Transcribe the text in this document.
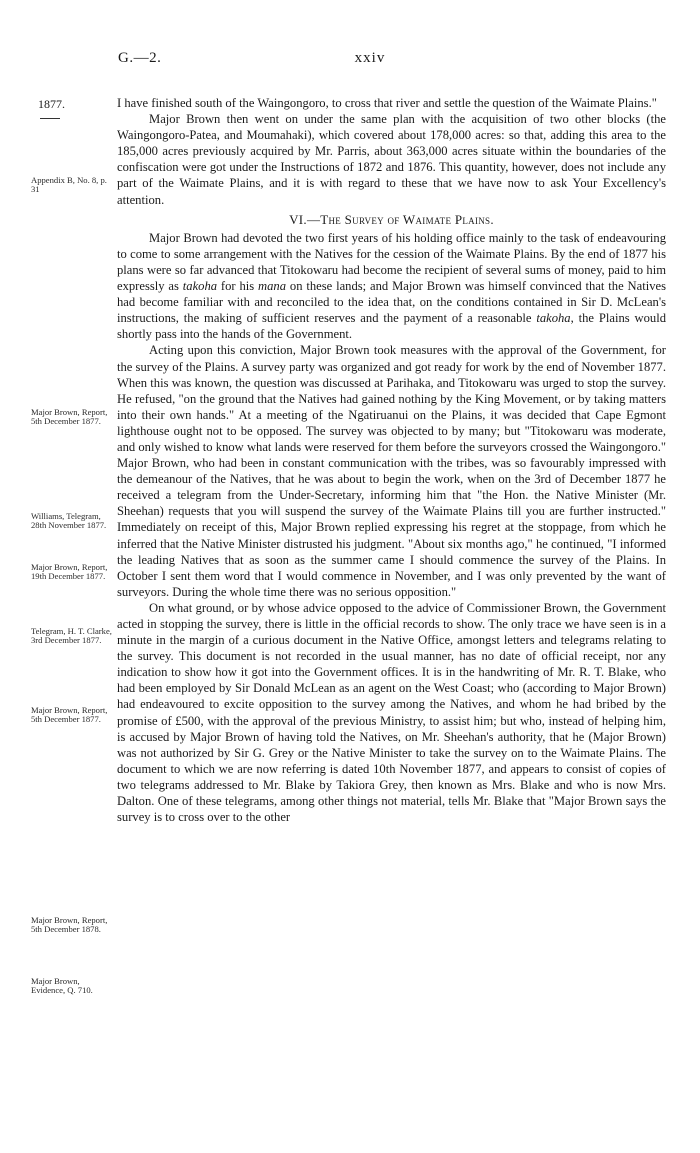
G.—2.	xxiv
1877.
Appendix B, No. 8, p. 31
Major Brown, Report, 5th December 1877.
Williams, Telegram, 28th November 1877.
Major Brown, Report, 19th December 1877.
Telegram, H. T. Clarke, 3rd December 1877.
Major Brown, Report, 5th December 1877.
Major Brown, Report, 5th December 1878.
Major Brown, Evidence, Q. 710.

I have finished south of the Waingongoro, to cross that river and settle the question of the Waimate Plains."

Major Brown then went on under the same plan with the acquisition of two other blocks (the Waingongoro-Patea, and Moumahaki), which covered about 178,000 acres: so that, adding this area to the 185,000 acres previously acquired by Mr. Parris, about 363,000 acres situate within the boundaries of the confiscation were got under the Instructions of 1872 and 1876. This quantity, however, does not include any part of the Waimate Plains, and it is with regard to these that we have now to ask Your Excellency's attention.

VI.—The Survey of Waimate Plains.

Major Brown had devoted the two first years of his holding office mainly to the task of endeavouring to come to some arrangement with the Natives for the cession of the Waimate Plains. By the end of 1877 his plans were so far advanced that Titokowaru had become the recipient of several sums of money, paid to him expressly as takoha for his mana on these lands; and Major Brown was himself convinced that the Natives had become familiar with and reconciled to the idea that, on the conditions contained in Sir D. McLean's instructions, the making of sufficient reserves and the payment of a reasonable takoha, the Plains would shortly pass into the hands of the Government.

Acting upon this conviction, Major Brown took measures with the approval of the Government, for the survey of the Plains. A survey party was organized and got ready for work by the end of November 1877. When this was known, the question was discussed at Parihaka, and Titokowaru was urged to stop the survey. He refused, "on the ground that the Natives had gained nothing by the King Movement, or by taking matters into their own hands." At a meeting of the Ngatiruanui on the Plains, it was decided that Cape Egmont lighthouse ought not to be opposed. The survey was objected to by many; but "Titokowaru was moderate, and only wished to know what lands were reserved for them before the surveyors crossed the Waingongoro." Major Brown, who had been in constant communication with the tribes, was so favourably impressed with the demeanour of the Natives, that he was about to begin the work, when on the 3rd of December 1877 he received a telegram from the Under-Secretary, informing him that "the Hon. the Native Minister (Mr. Sheehan) requests that you will suspend the survey of the Waimate Plains till you are further instructed." Immediately on receipt of this, Major Brown replied expressing his regret at the stoppage, from which he inferred that the Native Minister distrusted his judgment. "About six months ago," he continued, "I informed the leading Natives that as soon as the summer came I should commence the survey of the Plains. In October I sent them word that I would commence in November, and I was only prevented by the want of surveyors. During the whole time there was no serious opposition."

On what ground, or by whose advice opposed to the advice of Commissioner Brown, the Government acted in stopping the survey, there is little in the official records to show. The only trace we have seen is in a minute in the margin of a curious document in the Native Office, amongst letters and telegrams relating to the survey. This document is not recorded in the usual manner, has no date of official receipt, nor any indication to show how it got into the Government offices. It is in the handwriting of Mr. R. T. Blake, who had been employed by Sir Donald McLean as an agent on the West Coast; who (according to Major Brown) had endeavoured to excite opposition to the survey among the Natives, and whom he had bribed by the promise of £500, with the approval of the previous Ministry, to assist him; but who, instead of helping him, is accused by Major Brown of having told the Natives, on Mr. Sheehan's authority, that he (Major Brown) was not authorized by Sir G. Grey or the Native Minister to take the survey on to the Waimate Plains. The document to which we are now referring is dated 10th November 1877, and appears to consist of copies of two telegrams addressed to Mr. Blake by Takiora Grey, then known as Mrs. Blake and who is now Mrs. Dalton. One of these telegrams, among other things not material, tells Mr. Blake that "Major Brown says the survey is to cross over to the other
